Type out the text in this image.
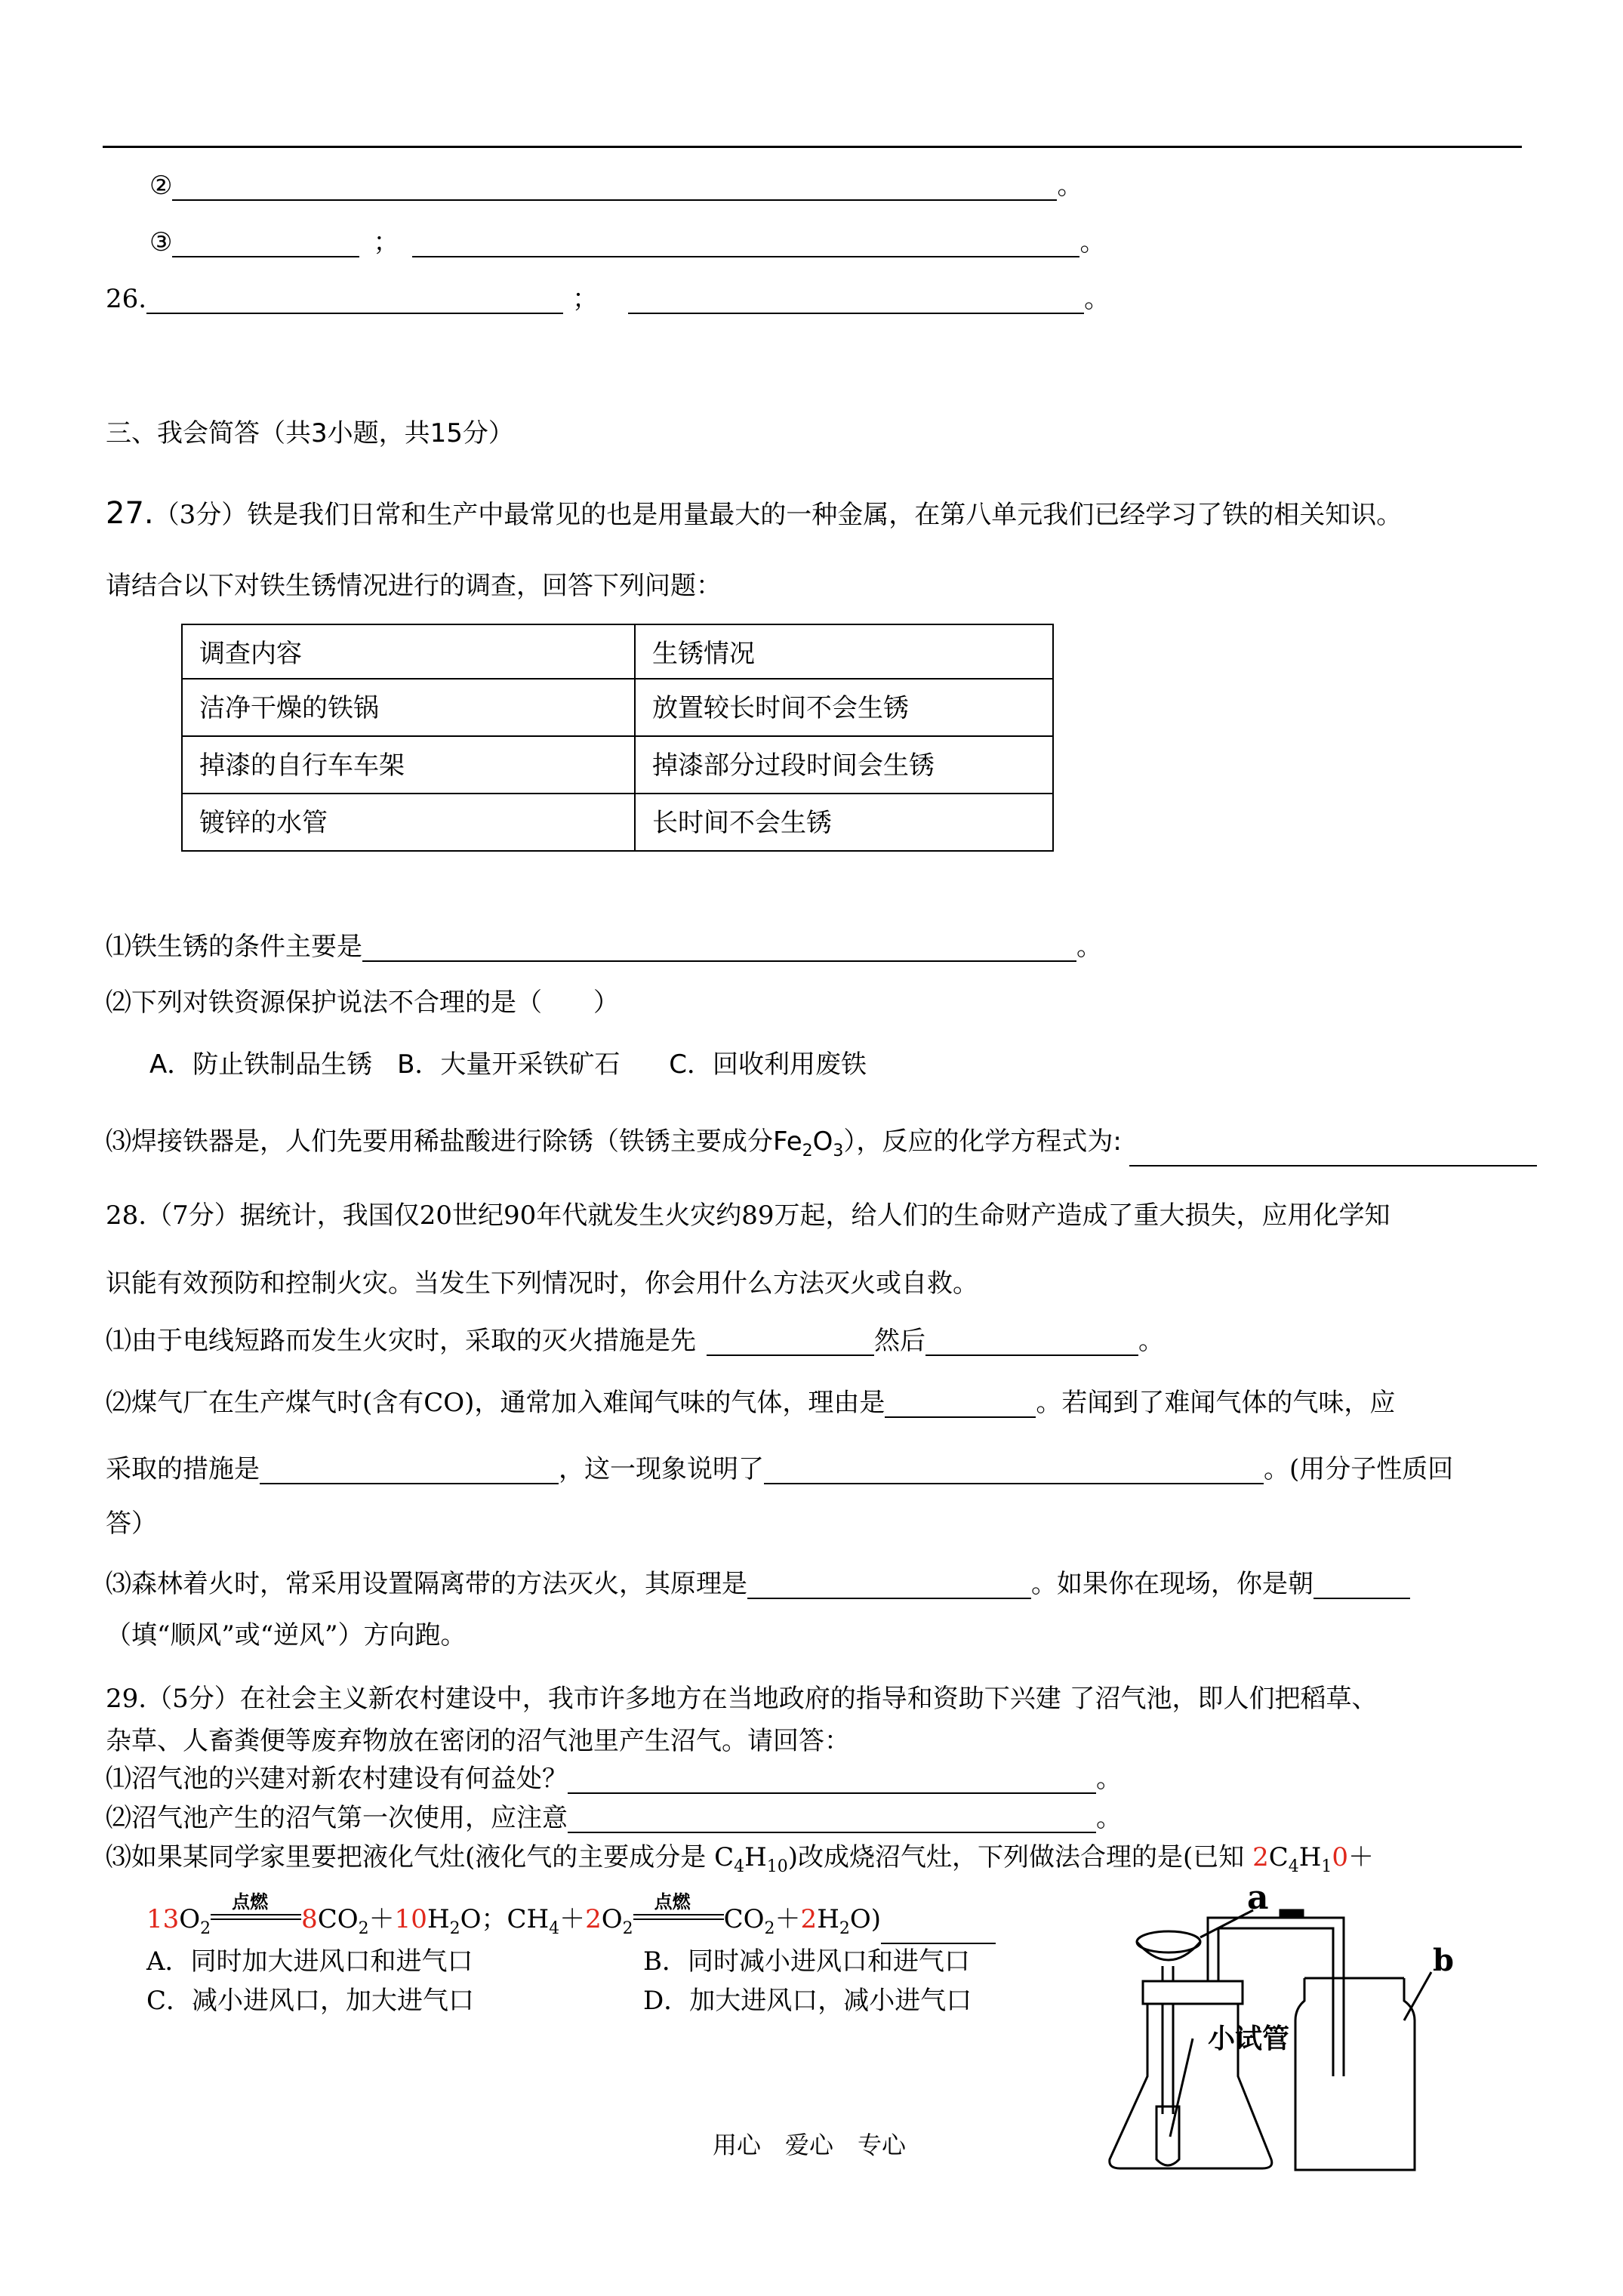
②	。
③	；	。
26.	；	。
三、我会简答（共3小题，共15分）
27.（3分）铁是我们日常和生产中最常见的也是用量最大的一种金属，在第八单元我们已经学习了铁的相关知识。
请结合以下对铁生锈情况进行的调查，回答下列问题：
调查内容	生锈情况
洁净干燥的铁锅	放置较长时间不会生锈
掉漆的自行车车架	掉漆部分过段时间会生锈
镀锌的水管	长时间不会生锈
⑴铁生锈的条件主要是	。
⑵下列对铁资源保护说法不合理的是（　　）
A．防止铁制品生锈 B．大量开采铁矿石 C．回收利用废铁
⑶焊接铁器是，人们先要用稀盐酸进行除锈（铁锈主要成分$Fe_2O_3$），反应的化学方程式为:
28.（7分）据统计，我国仅20世纪90年代就发生火灾约89万起，给人们的生命财产造成了重大损失，应用化学知
识能有效预防和控制火灾。当发生下列情况时，你会用什么方法灭火或自救。
⑴由于电线短路而发生火灾时，采取的灭火措施是先	然后	。
⑵煤气厂在生产煤气时(含有CO)，通常加入难闻气味的气体，理由是	。若闻到了难闻气体的气味，应
采取的措施是	，这一现象说明了	。(用分子性质回
答）
⑶森林着火时，常采用设置隔离带的方法灭火，其原理是	。如果你在现场，你是朝
（填“顺风”或“逆风”）方向跑。
29.（5分）在社会主义新农村建设中，我市许多地方在当地政府的指导和资助下兴建 了沼气池，即人们把稻草、
杂草、人畜粪便等废弃物放在密闭的沼气池里产生沼气。请回答：
⑴沼气池的兴建对新农村建设有何益处？	。
⑵沼气池产生的沼气第一次使用，应注意	。
⑶如果某同学家里要把液化气灶(液化气的主要成分是 $C_4H_{10}$)改成烧沼气灶，下列做法合理的是(已知 $2C_4H_10+$
$13O_2$
点燃
$8CO_2+10H_2O$；$CH_4+2O_2$
点燃
$CO_2+2H_2O$)
A．同时加大进风口和进气口	B．同时减小进风口和进气口
C．减小进风口，加大进气口	D．加大进风口，减小进气口
a
b
小试管
用心　爱心　专心
